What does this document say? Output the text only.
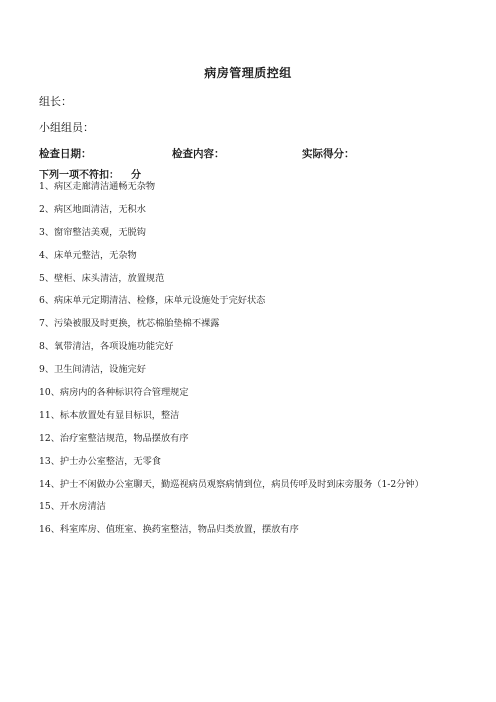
病房管理质控组
组长：
小组组员：
检查日期：	检查内容：	实际得分：
下列一项不符扣： 分
1、病区走廊清洁通畅无杂物
2、病区地面清洁，无积水
3、窗帘整洁美观，无脱钩
4、床单元整洁，无杂物
5、壁柜、床头清洁，放置规范
6、病床单元定期清洁、检修，床单元设施处于完好状态
7、污染被服及时更换，枕芯棉胎垫棉不裸露
8、氧带清洁，各项设施功能完好
9、卫生间清洁，设施完好
10、病房内的各种标识符合管理规定
11、标本放置处有显目标识，整洁
12、治疗室整洁规范，物品摆放有序
13、护士办公室整洁，无零食
14、护士不闲做办公室聊天，勤巡视病员观察病情到位，病员传呼及时到床旁服务（1-2分钟）
15、开水房清洁
16、科室库房、值班室、换药室整洁，物品归类放置，摆放有序
